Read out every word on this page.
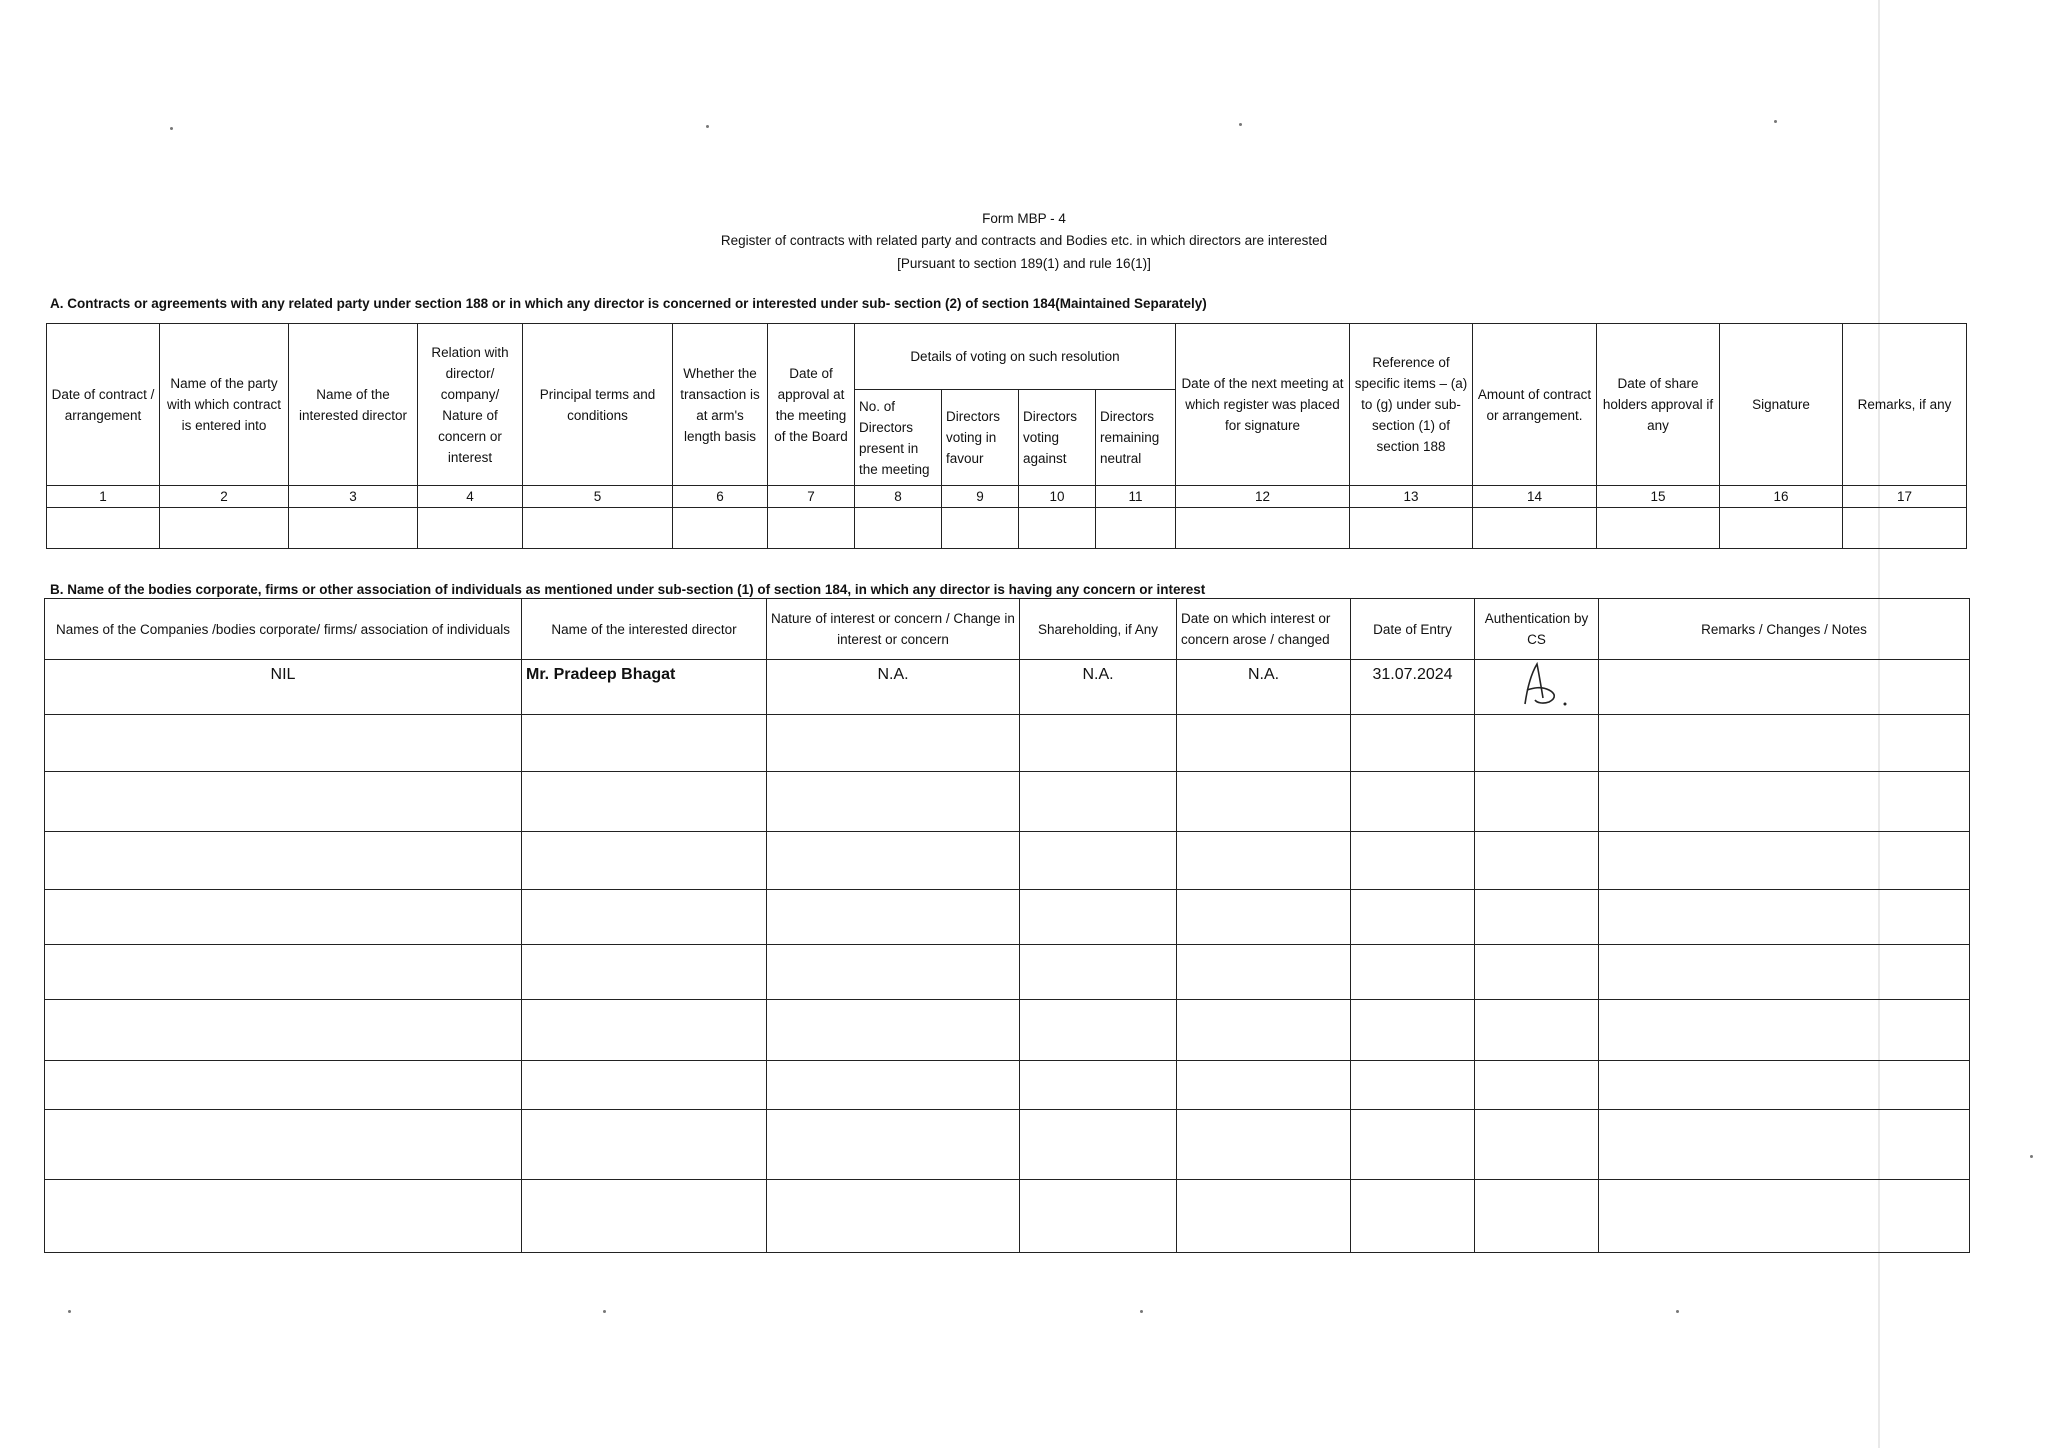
Form MBP - 4
Register of contracts with related party and contracts and Bodies etc. in which directors are interested
[Pursuant to section 189(1) and rule 16(1)]
A. Contracts or agreements with any related party under section 188 or in which any director is concerned or interested under sub- section (2) of section 184(Maintained Separately)
Date of contract / arrangement	Name of the party with which contract is entered into	Name of the interested director	Relation with director/ company/ Nature of concern or interest	Principal terms and conditions	Whether the transaction is at arm's length basis	Date of approval at the meeting of the Board	Details of voting on such resolution				Date of the next meeting at which register was placed for signature	Reference of specific items – (a) to (g) under sub-section (1) of section 188	Amount of contract or arrangement.	Date of share holders approval if any	Signature	Remarks, if any
							No. of Directors present in the meeting	Directors voting in favour	Directors voting against	Directors remaining neutral						
1	2	3	4	5	6	7	8	9	10	11	12	13	14	15	16	17

B. Name of the bodies corporate, firms or other association of individuals as mentioned under sub-section (1) of section 184, in which any director is having any concern or interest
Names of the Companies /bodies corporate/ firms/ association of individuals	Name of the interested director	Nature of interest or concern / Change in interest or concern	Shareholding, if Any	Date on which interest or concern arose / changed	Date of Entry	Authentication by CS	Remarks / Changes / Notes
NIL	Mr. Pradeep Bhagat	N.A.	N.A.	N.A.	31.07.2024		
